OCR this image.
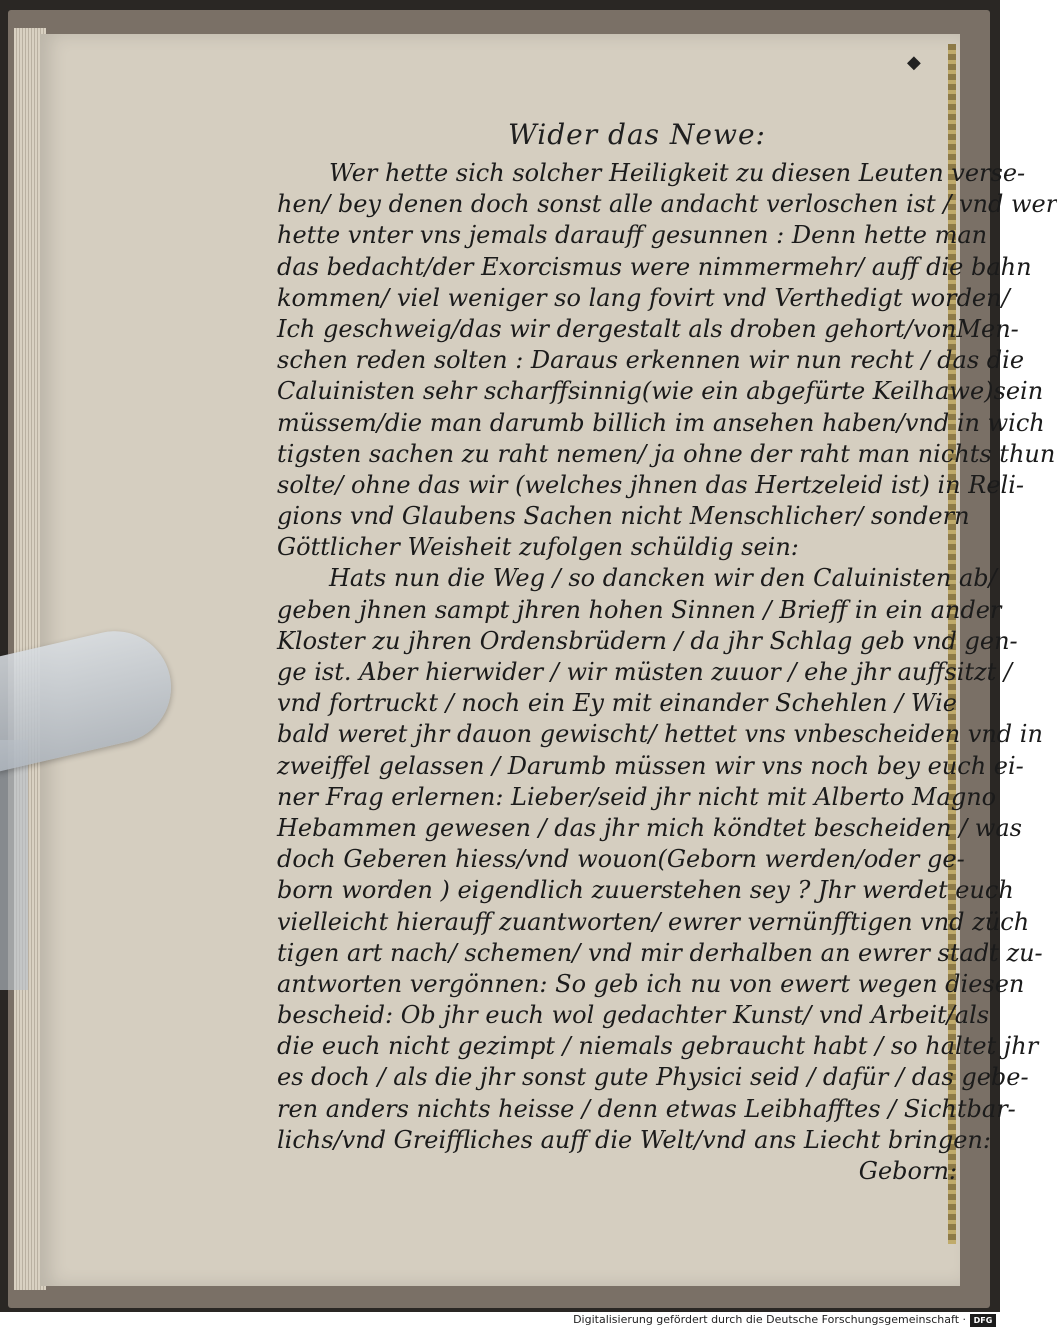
◆
Wider das Newe:
Wer hette sich solcher Heiligkeit zu diesen Leuten verse-
hen/ bey denen doch sonst alle andacht verloschen ist / vnd wer
hette vnter vns jemals darauff gesunnen : Denn hette man
das bedacht/der Exorcismus were nimmermehr/ auff die bahn
kommen/ viel weniger so lang fovirt vnd Verthedigt worden/
Ich geschweig/das wir dergestalt als droben gehort/vonMen-
schen reden solten : Daraus erkennen wir nun recht / das die
Caluinisten sehr scharffsinnig(wie ein abgefürte Keilhawe)sein
müssem/die man darumb billich im ansehen haben/vnd in wich
tigsten sachen zu raht nemen/ ja ohne der raht man nichts thun
solte/ ohne das wir (welches jhnen das Hertzeleid ist) in Reli-
gions vnd Glaubens Sachen nicht Menschlicher/ sondern
Göttlicher Weisheit zufolgen schüldig sein:
Hats nun die Weg / so dancken wir den Caluinisten ab/
geben jhnen sampt jhren hohen Sinnen / Brieff in ein ander
Kloster zu jhren Ordensbrüdern / da jhr Schlag geb vnd gen-
ge ist. Aber hierwider / wir müsten zuuor / ehe jhr auffsitzt /
vnd fortruckt / noch ein Ey mit einander Schehlen / Wie
bald weret jhr dauon gewischt/ hettet vns vnbescheiden vnd in
zweiffel gelassen / Darumb müssen wir vns noch bey euch ei-
ner Frag erlernen: Lieber/seid jhr nicht mit Alberto Magno
Hebammen gewesen / das jhr mich köndtet bescheiden / was
doch Geberen hiess/vnd wouon(Geborn werden/oder ge-
born worden ) eigendlich zuuerstehen sey ? Jhr werdet euch
vielleicht hierauff zuantworten/ ewrer vernünfftigen vnd züch
tigen art nach/ schemen/ vnd mir derhalben an ewrer stadt zu-
antworten vergönnen: So geb ich nu von ewert wegen diesen
bescheid: Ob jhr euch wol gedachter Kunst/ vnd Arbeit/als
die euch nicht gezimpt / niemals gebraucht habt / so haltet jhr
es doch / als die jhr sonst gute Physici seid / dafür / das gebe-
ren anders nichts heisse / denn etwas Leibhafftes / Sichtbar-
lichs/vnd Greiffliches auff die Welt/vnd ans Liecht bringen:
Geborn:
Digitalisierung gefördert durch die Deutsche Forschungsgemeinschaft · DFG
